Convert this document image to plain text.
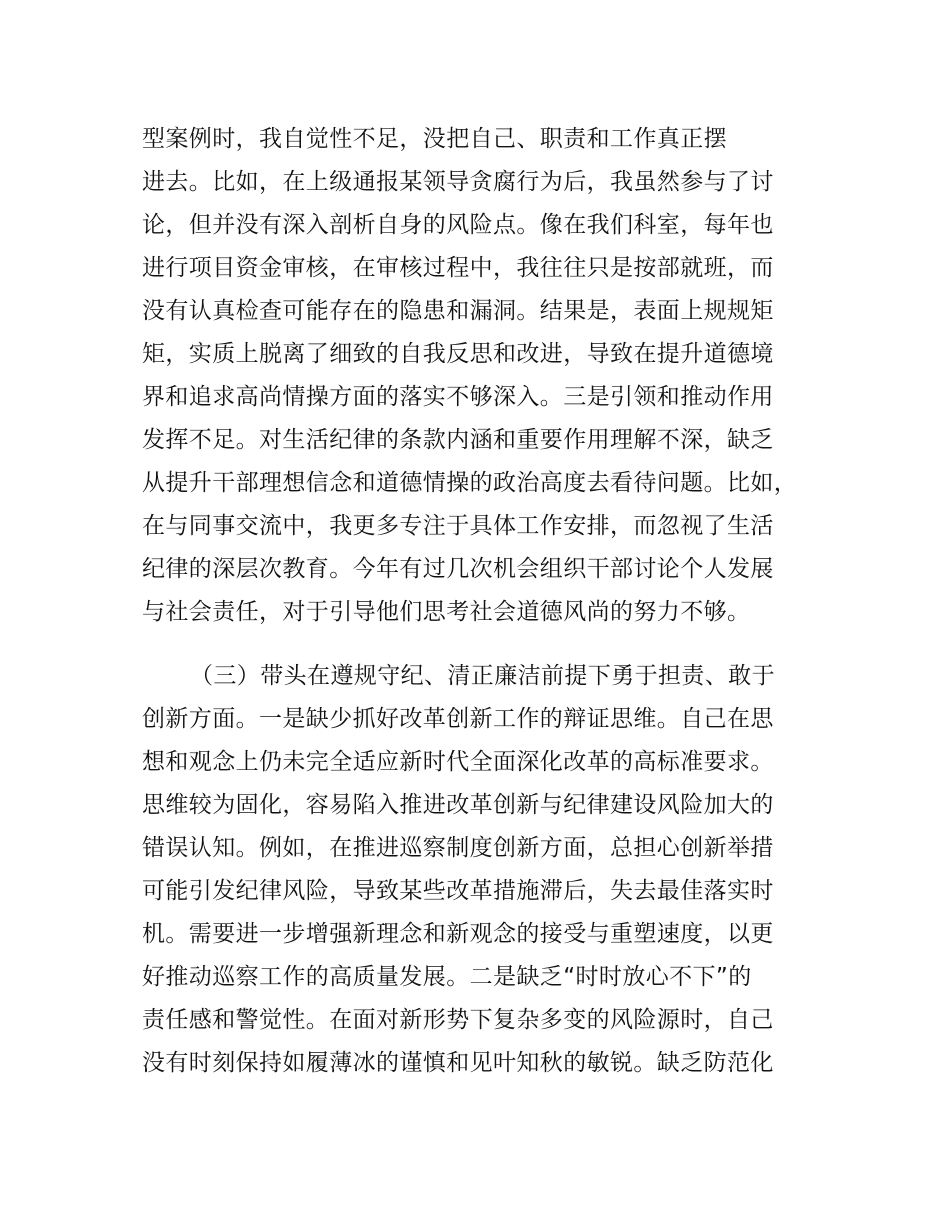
型案例时，我自觉性不足，没把自己、职责和工作真正摆
进去。比如，在上级通报某领导贪腐行为后，我虽然参与了讨
论，但并没有深入剖析自身的风险点。像在我们科室，每年也
进行项目资金审核，在审核过程中，我往往只是按部就班，而
没有认真检查可能存在的隐患和漏洞。结果是，表面上规规矩
矩，实质上脱离了细致的自我反思和改进，导致在提升道德境
界和追求高尚情操方面的落实不够深入。三是引领和推动作用
发挥不足。对生活纪律的条款内涵和重要作用理解不深，缺乏
从提升干部理想信念和道德情操的政治高度去看待问题。比如，
在与同事交流中，我更多专注于具体工作安排，而忽视了生活
纪律的深层次教育。今年有过几次机会组织干部讨论个人发展
与社会责任，对于引导他们思考社会道德风尚的努力不够。
（三）带头在遵规守纪、清正廉洁前提下勇于担责、敢于
创新方面。一是缺少抓好改革创新工作的辩证思维。自己在思
想和观念上仍未完全适应新时代全面深化改革的高标准要求。
思维较为固化，容易陷入推进改革创新与纪律建设风险加大的
错误认知。例如，在推进巡察制度创新方面，总担心创新举措
可能引发纪律风险，导致某些改革措施滞后，失去最佳落实时
机。需要进一步增强新理念和新观念的接受与重塑速度，以更
好推动巡察工作的高质量发展。二是缺乏“时时放心不下”的
责任感和警觉性。在面对新形势下复杂多变的风险源时，自己
没有时刻保持如履薄冰的谨慎和见叶知秋的敏锐。缺乏防范化
